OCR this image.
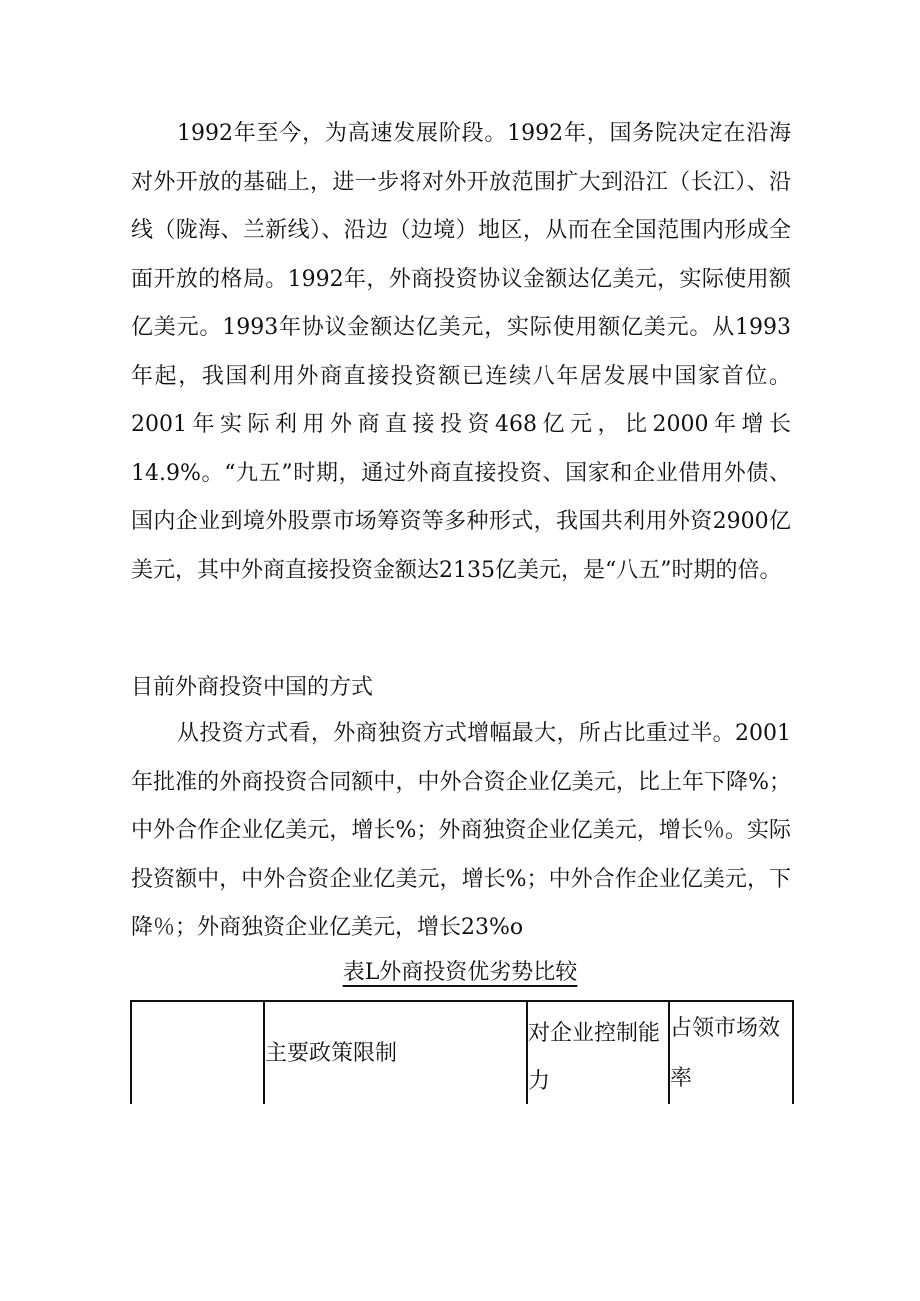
1992年至今，为高速发展阶段。1992年，国务院决定在沿海对外开放的基础上，进一步将对外开放范围扩大到沿江（长江）、沿线（陇海、兰新线）、沿边（边境）地区，从而在全国范围内形成全面开放的格局。1992年，外商投资协议金额达亿美元，实际使用额亿美元。1993年协议金额达亿美元，实际使用额亿美元。从1993年起，我国利用外商直接投资额已连续八年居发展中国家首位。2001年实际利用外商直接投资468亿元，比2000年增长14.9%。“九五”时期，通过外商直接投资、国家和企业借用外债、国内企业到境外股票市场筹资等多种形式，我国共利用外资2900亿美元，其中外商直接投资金额达2135亿美元，是“八五”时期的倍。

目前外商投资中国的方式

从投资方式看，外商独资方式增幅最大，所占比重过半。2001年批准的外商投资合同额中，中外合资企业亿美元，比上年下降%；中外合作企业亿美元，增长%；外商独资企业亿美元，增长％。实际投资额中，中外合资企业亿美元，增长%；中外合作企业亿美元，下降％；外商独资企业亿美元，增长23%o

表L外商投资优劣势比较

主要政策限制
对企业控制能力
占领市场效率
